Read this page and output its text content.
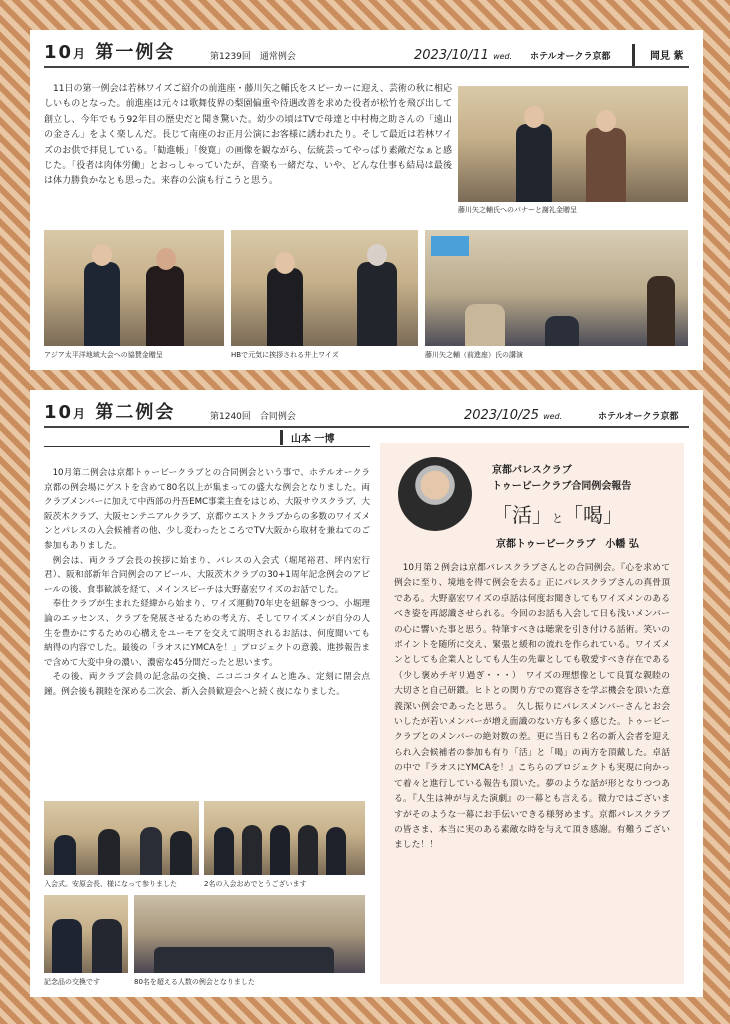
10月 第一例会	第1239回　通常例会	2023/10/11 wed. ホテルオークラ京都	岡見 紫

11日の第一例会は若林ワイズご紹介の前進座・藤川矢之輔氏をスピーカーに迎え、芸術の秋に相応しいものとなった。前進座は元々は歌舞伎界の梨園偏重や待遇改善を求めた役者が松竹を飛び出して創立し、今年でもう92年目の歴史だと聞き驚いた。幼少の頃はTVで母達と中村梅之助さんの「遠山の金さん」をよく楽しんだ。長じて南座のお正月公演にお客様に誘われたり。そして最近は若林ワイズのお供で拝見している。「勧進帳」「俊寛」の画像を観ながら、伝統芸ってやっぱり素敵だなぁと感じた。「役者は肉体労働」とおっしゃっていたが、音楽も一緒だな、いや、どんな仕事も結局は最後は体力勝負かなとも思った。来春の公演も行こうと思う。

藤川矢之輔氏へのバナーと謝礼金贈呈
アジア太平洋地域大会への協賛金贈呈	HBで元気に挨拶される井上ワイズ	藤川矢之輔（前進座）氏の講演
10月 第二例会	第1240回　合同例会	2023/10/25 wed.	ホテルオークラ京都
山本 一博

10月第二例会は京都トゥービークラブとの合同例会という事で、ホテルオークラ京都の例会場にゲストを含めて80名以上が集まっての盛大な例会となりました。両クラブメンバーに加えて中西部の丹吾EMC事業主査をはじめ、大阪サウスクラブ、大阪茨木クラブ、大阪センテニアルクラブ、京都ウエストクラブからの多数のワイズメンとパレスの入会候補者の他、少し変わったところでTV大阪から取材を兼ねてのご参加もありました。

例会は、両クラブ会長の挨拶に始まり、パレスの入会式（堀尾裕君、坪内宏行君）、阪和部新年合同例会のアピール、大阪茨木クラブの30+1周年記念例会のアピールの後、食事歓談を経て、メインスピーチは大野嘉宏ワイズのお話でした。

奉仕クラブが生まれた経緯から始まり、ワイズ運動70年史を紐解きつつ、小堀理論のエッセンス、クラブを発展させるための考え方、そしてワイズメンが自分の人生を豊かにするための心構えをユーモアを交えて説明されるお話は、何度聞いても納得の内容でした。最後の「ラオスにYMCAを！」プロジェクトの意義、進捗報告まで含めて大変中身の濃い、濃密な45分間だったと思います。

その後、両クラブ会員の記念品の交換、ニコニコタイムと進み、定刻に閉会点鐘。例会後も親睦を深める二次会、新入会員歓迎会へと続く夜になりました。

入会式。安原会長、様になって参りました	2名の入会おめでとうございます
記念品の交換です	80名を超える人数の例会となりました
京都パレスクラブ
トゥービークラブ合同例会報告
「活」と「喝」
京都トゥービークラブ　小幡 弘

10月第２例会は京都パレスクラブさんとの合同例会。『心を求めて例会に至り、境地を得て例会を去る』正にパレスクラブさんの真骨頂である。大野嘉宏ワイズの卓話は何度お聞きしてもワイズメンのあるべき姿を再認識させられる。今回のお話も入会して日も浅いメンバーの心に響いた事と思う。特筆すべきは聴衆を引き付ける話術。笑いのポイントを随所に交え、緊張と緩和の流れを作られている。ワイズメンとしても企業人としても人生の先輩としても敬愛すべき存在である（少し褒めチギリ過ぎ・・・）　ワイズの理想像として良質な親睦の大切さと自己研鑽。ヒトとの関り方での寛容さを学ぶ機会を頂いた意義深い例会であったと思う。　久し振りにパレスメンバーさんとお会いしたが若いメンバーが増え面識のない方も多く感じた。トゥービークラブとのメンバーの絶対数の差。更に当日も２名の新入会者を迎えられ入会候補者の参加も有り「活」と「喝」の両方を頂戴した。卓話の中で『ラオスにYMCAを！』こちらのプロジェクトも実現に向かって着々と進行している報告も頂いた。夢のような話が形となりつつある。『人生は神が与えた演劇』の一幕とも言える。微力ではございますがそのような一幕にお手伝いできる様努めます。京都パレスクラブの皆さま、本当に実のある素敵な時を与えて頂き感謝。有難うございました！！
